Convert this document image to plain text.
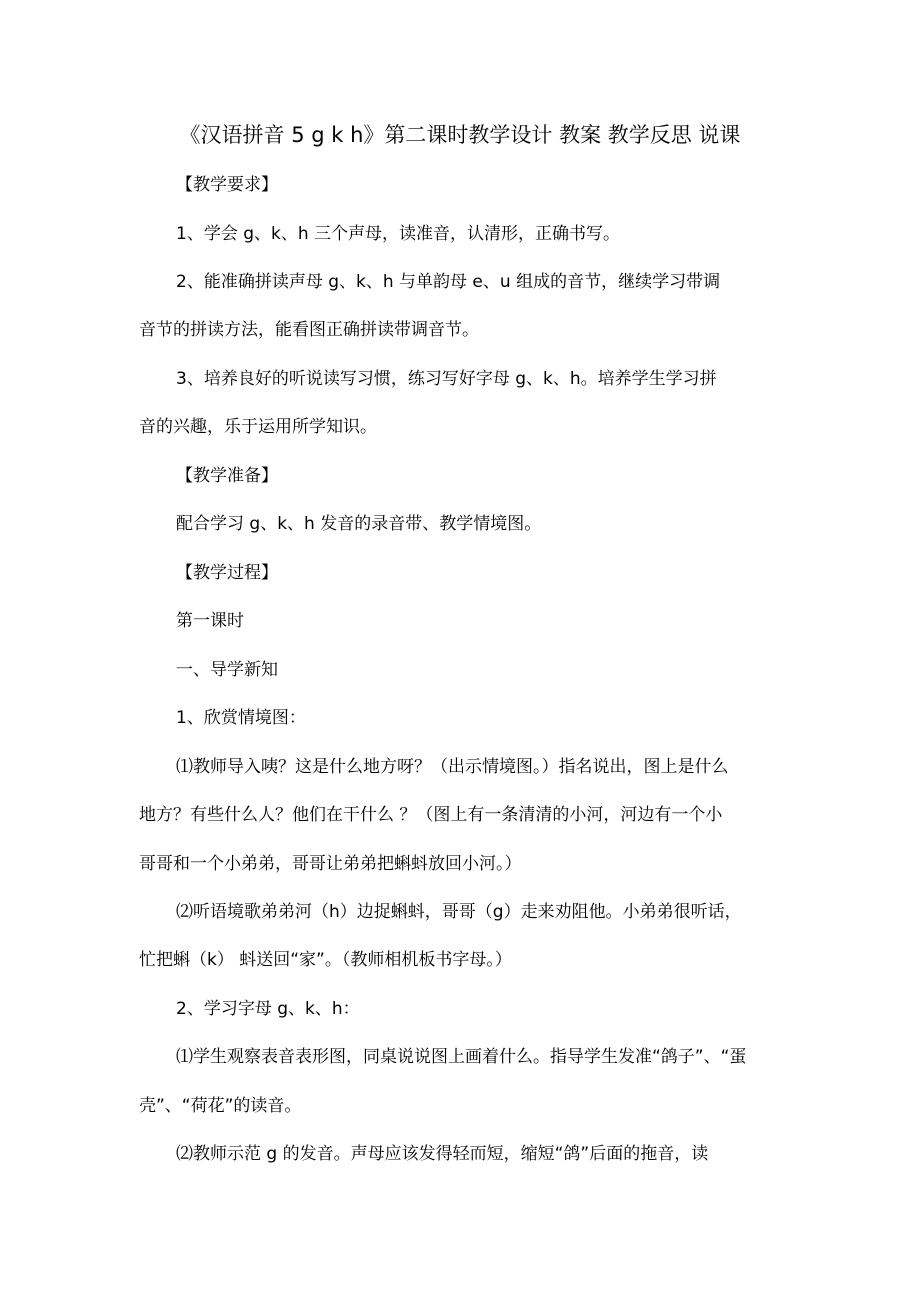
《汉语拼音 5 g k h》第二课时教学设计 教案 教学反思 说课
【教学要求】
1、学会 g、k、h 三个声母，读准音，认清形，正确书写。
2、能准确拼读声母 g、k、h 与单韵母 e、u 组成的音节，继续学习带调
音节的拼读方法，能看图正确拼读带调音节。
3、培养良好的听说读写习惯，练习写好字母 g、k、h。培养学生学习拼
音的兴趣，乐于运用所学知识。
【教学准备】
配合学习 g、k、h 发音的录音带、教学情境图。
【教学过程】
第一课时
一、导学新知
1、欣赏情境图：
⑴教师导入咦？这是什么地方呀？（出示情境图。）指名说出，图上是什么
地方？有些什么人？他们在干什么 ？（图上有一条清清的小河，河边有一个小
哥哥和一个小弟弟，哥哥让弟弟把蝌蚪放回小河。）
⑵听语境歌弟弟河（h）边捉蝌蚪，哥哥（g）走来劝阻他。小弟弟很听话，
忙把蝌（k） 蚪送回“家”。（教师相机板书字母。）
2、学习字母 g、k、h：
⑴学生观察表音表形图，同桌说说图上画着什么。指导学生发准“鸽子”、“蛋
壳”、“荷花”的读音。
⑵教师示范 g 的发音。声母应该发得轻而短，缩短“鸽”后面的拖音，读
